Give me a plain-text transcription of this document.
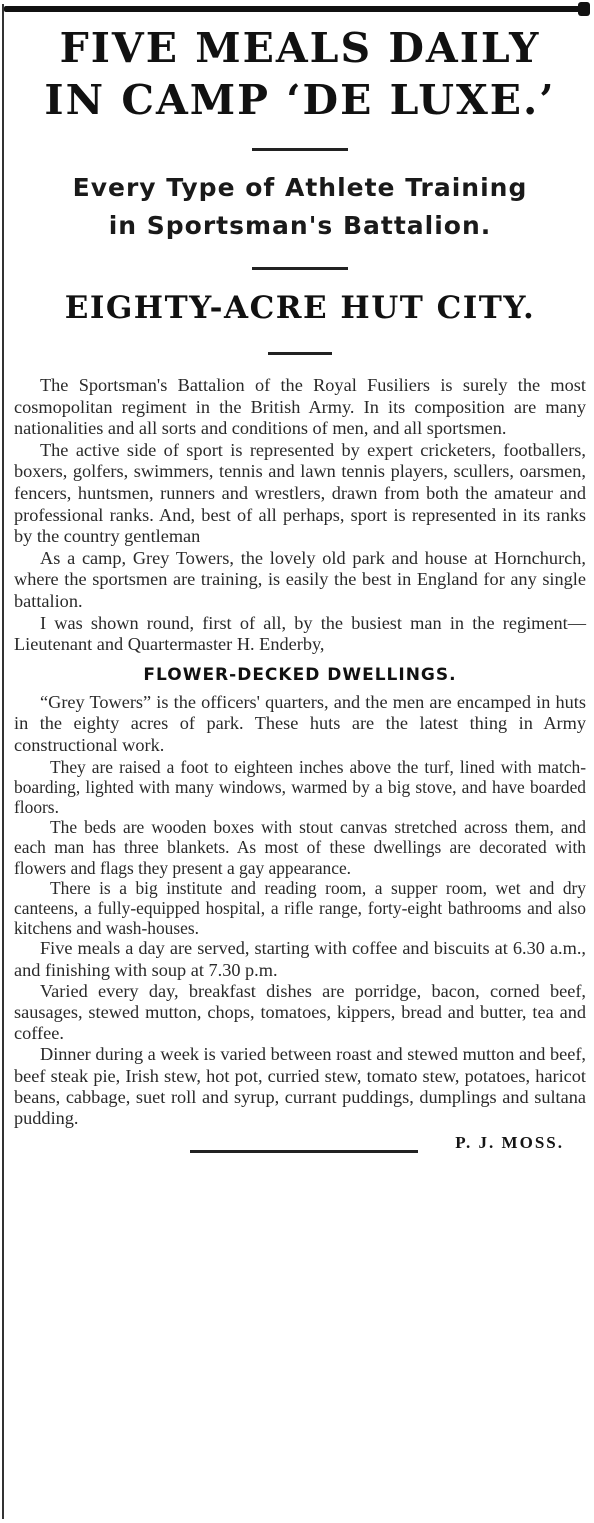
FIVE MEALS DAILY
IN CAMP ‘DE LUXE.’
Every Type of Athlete Training
in Sportsman's Battalion.
EIGHTY-ACRE HUT CITY.

The Sportsman's Battalion of the Royal Fusiliers is surely the most cosmopolitan regiment in the British Army. In its composition are many nationalities and all sorts and conditions of men, and all sportsmen.

The active side of sport is represented by expert cricketers, footballers, boxers, golfers, swimmers, tennis and lawn tennis players, scullers, oarsmen, fencers, huntsmen, runners and wrestlers, drawn from both the amateur and professional ranks. And, best of all perhaps, sport is represented in its ranks by the country gentleman

As a camp, Grey Towers, the lovely old park and house at Hornchurch, where the sportsmen are training, is easily the best in England for any single battalion.

I was shown round, first of all, by the busiest man in the regiment—Lieutenant and Quartermaster H. Enderby,

FLOWER-DECKED DWELLINGS.

“Grey Towers” is the officers' quarters, and the men are encamped in huts in the eighty acres of park. These huts are the latest thing in Army constructional work.

They are raised a foot to eighteen inches above the turf, lined with match-boarding, lighted with many windows, warmed by a big stove, and have boarded floors.

The beds are wooden boxes with stout canvas stretched across them, and each man has three blankets. As most of these dwellings are decorated with flowers and flags they present a gay appearance.

There is a big institute and reading room, a supper room, wet and dry canteens, a fully-equipped hospital, a rifle range, forty-eight bathrooms and also kitchens and wash-houses.

Five meals a day are served, starting with coffee and biscuits at 6.30 a.m., and finishing with soup at 7.30 p.m.

Varied every day, breakfast dishes are porridge, bacon, corned beef, sausages, stewed mutton, chops, tomatoes, kippers, bread and butter, tea and coffee.

Dinner during a week is varied between roast and stewed mutton and beef, beef steak pie, Irish stew, hot pot, curried stew, tomato stew, potatoes, haricot beans, cabbage, suet roll and syrup, currant puddings, dumplings and sultana pudding.

P. J. MOSS.
